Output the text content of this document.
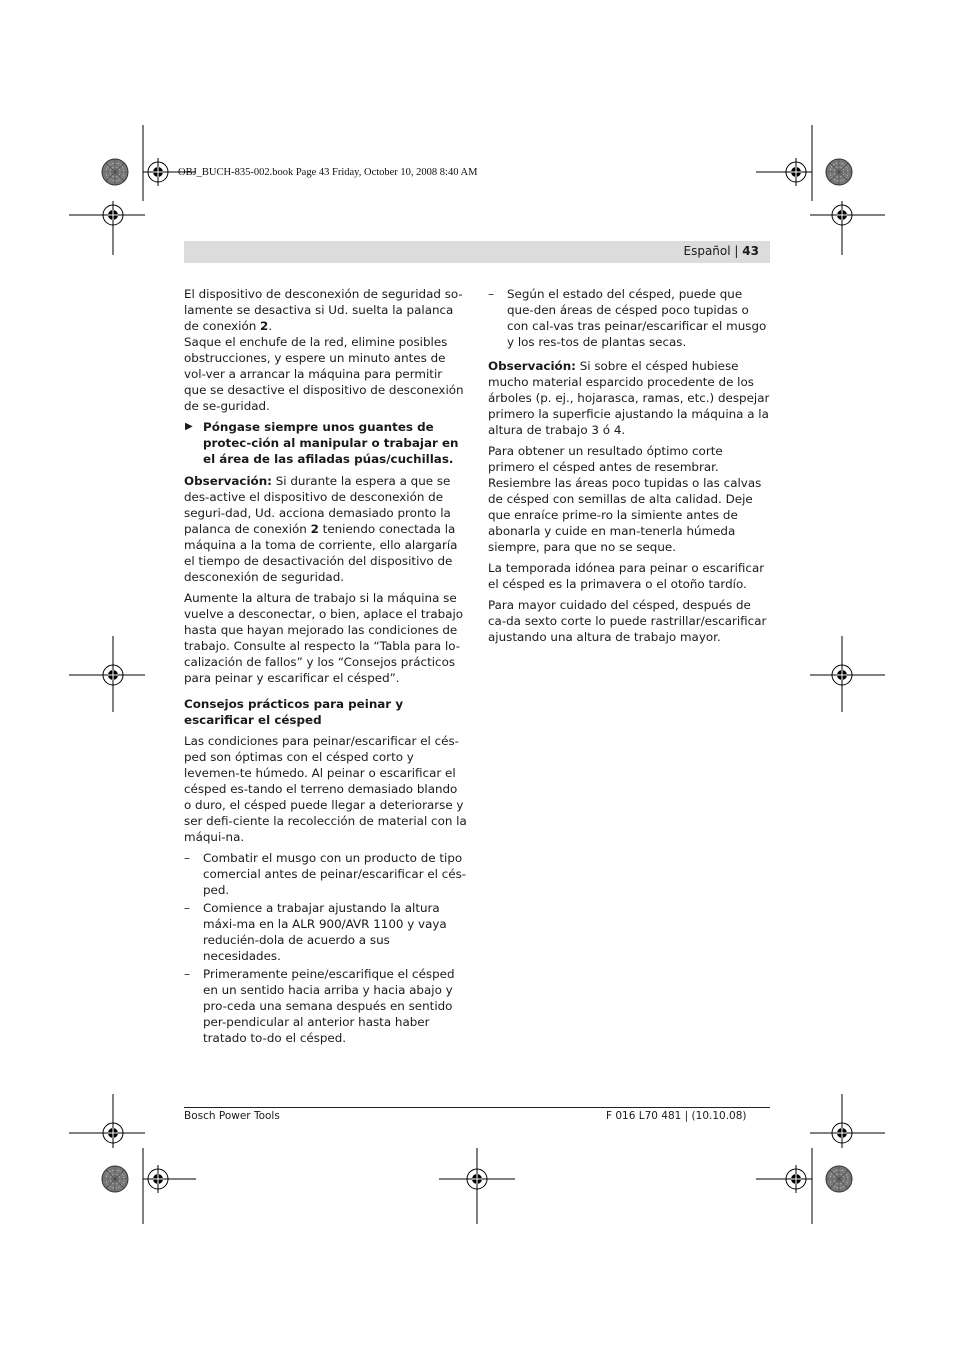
OBJ_BUCH-835-002.book Page 43 Friday, October 10, 2008 8:40 AM
Español | 43

El dispositivo de desconexión de seguridad so-lamente se desactiva si Ud. suelta la palanca de conexión 2.

Saque el enchufe de la red, elimine posibles obstrucciones, y espere un minuto antes de vol-ver a arrancar la máquina para permitir que se desactive el dispositivo de desconexión de se-guridad.

▶ Póngase siempre unos guantes de protec-ción al manipular o trabajar en el área de las afiladas púas/cuchillas.

Observación: Si durante la espera a que se des-active el dispositivo de desconexión de seguri-dad, Ud. acciona demasiado pronto la palanca de conexión 2 teniendo conectada la máquina a la toma de corriente, ello alargaría el tiempo de desactivación del dispositivo de desconexión de seguridad.

Aumente la altura de trabajo si la máquina se vuelve a desconectar, o bien, aplace el trabajo hasta que hayan mejorado las condiciones de trabajo. Consulte al respecto la “Tabla para lo-calización de fallos” y los “Consejos prácticos para peinar y escarificar el césped”.

Consejos prácticos para peinar y escarificar el césped

Las condiciones para peinar/escarificar el cés-ped son óptimas con el césped corto y levemen-te húmedo. Al peinar o escarificar el césped es-tando el terreno demasiado blando o duro, el césped puede llegar a deteriorarse y ser defi-ciente la recolección de material con la máqui-na.

– Combatir el musgo con un producto de tipo comercial antes de peinar/escarificar el cés-ped.
– Comience a trabajar ajustando la altura máxi-ma en la ALR 900/AVR 1100 y vaya reducién-dola de acuerdo a sus necesidades.
– Primeramente peine/escarifique el césped en un sentido hacia arriba y hacia abajo y pro-ceda una semana después en sentido per-pendicular al anterior hasta haber tratado to-do el césped.
– Según el estado del césped, puede que que-den áreas de césped poco tupidas o con cal-vas tras peinar/escarificar el musgo y los res-tos de plantas secas.

Observación: Si sobre el césped hubiese mucho material esparcido procedente de los árboles (p. ej., hojarasca, ramas, etc.) despejar primero la superficie ajustando la máquina a la altura de trabajo 3 ó 4.

Para obtener un resultado óptimo corte primero el césped antes de resembrar. Resiembre las áreas poco tupidas o las calvas de césped con semillas de alta calidad. Deje que enraíce prime-ro la simiente antes de abonarla y cuide en man-tenerla húmeda siempre, para que no se seque.

La temporada idónea para peinar o escarificar el césped es la primavera o el otoño tardío.

Para mayor cuidado del césped, después de ca-da sexto corte lo puede rastrillar/escarificar ajustando una altura de trabajo mayor.

Bosch Power Tools	F 016 L70 481 | (10.10.08)
